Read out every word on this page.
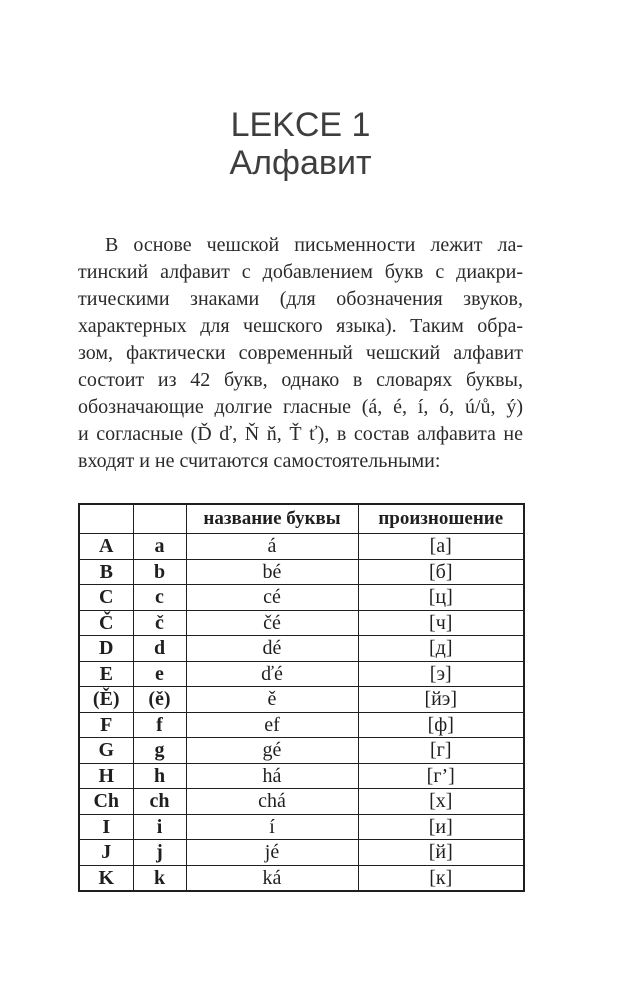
LEKCE 1
Алфавит
В основе чешской письменности лежит ла-
тинский алфавит с добавлением букв с диакри-
тическими знаками (для обозначения звуков,
характерных для чешского языка). Таким обра-
зом, фактически современный чешский алфавит
состоит из 42 букв, однако в словарях буквы,
обозначающие долгие гласные (á, é, í, ó, ú/ů, ý)
и согласные (Ď ď, Ň ň, Ť ť), в состав алфавита не
входят и не считаются самостоятельными:
		название буквы	произношение
A	a	á	[а]
B	b	bé	[б]
C	c	cé	[ц]
Č	č	čé	[ч]
D	d	dé	[д]
E	e	ďé	[э]
(Ě)	(ě)	ě	[йэ]
F	f	ef	[ф]
G	g	gé	[г]
H	h	há	[г’]
Ch	ch	chá	[х]
I	i	í	[и]
J	j	jé	[й]
K	k	ká	[к]
